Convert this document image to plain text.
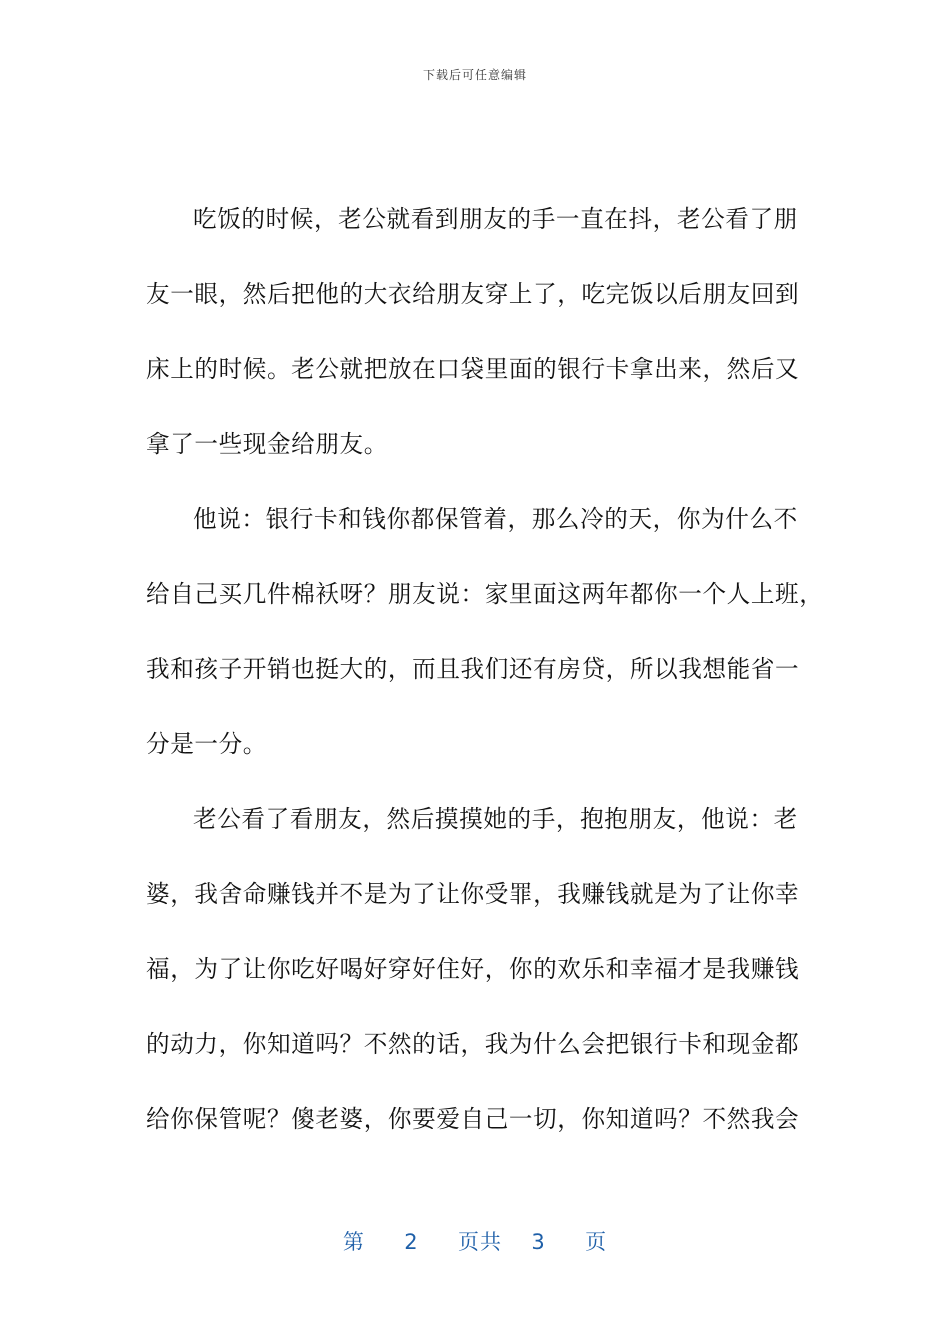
下载后可任意编辑
吃饭的时候，老公就看到朋友的手一直在抖，老公看了朋
友一眼，然后把他的大衣给朋友穿上了，吃完饭以后朋友回到
床上的时候。老公就把放在口袋里面的银行卡拿出来，然后又
拿了一些现金给朋友。
他说：银行卡和钱你都保管着，那么冷的天，你为什么不
给自己买几件棉袄呀？朋友说：家里面这两年都你一个人上班，
我和孩子开销也挺大的，而且我们还有房贷，所以我想能省一
分是一分。
老公看了看朋友，然后摸摸她的手，抱抱朋友，他说：老
婆，我舍命赚钱并不是为了让你受罪，我赚钱就是为了让你幸
福，为了让你吃好喝好穿好住好，你的欢乐和幸福才是我赚钱
的动力，你知道吗？不然的话，我为什么会把银行卡和现金都
给你保管呢？傻老婆，你要爱自己一切，你知道吗？不然我会
第 2 页共 3 页
